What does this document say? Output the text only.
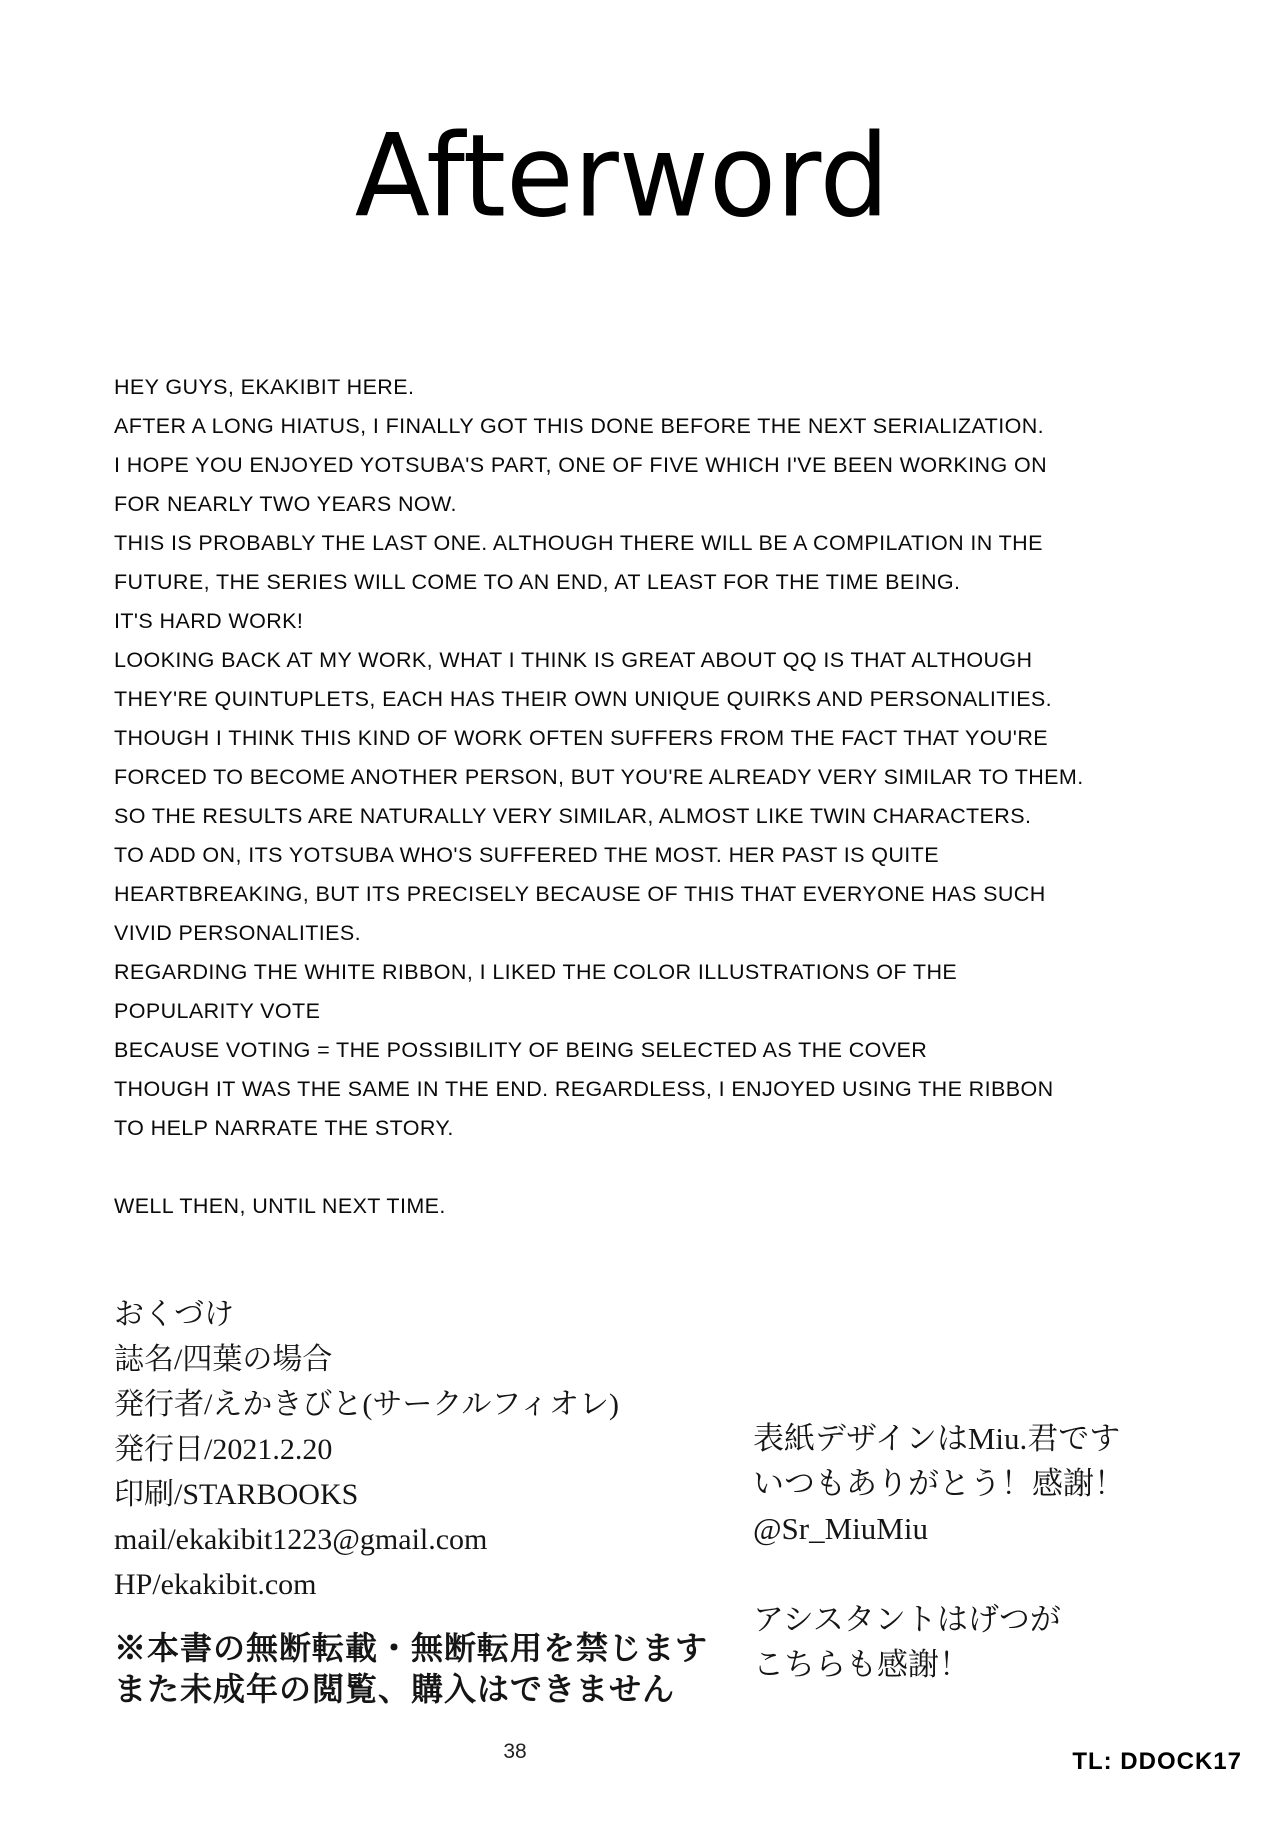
Afterword
HEY GUYS, EKAKIBIT HERE.
AFTER A LONG HIATUS, I FINALLY GOT THIS DONE BEFORE THE NEXT SERIALIZATION.
I HOPE YOU ENJOYED YOTSUBA'S PART, ONE OF FIVE WHICH I'VE BEEN WORKING ON
FOR NEARLY TWO YEARS NOW.
THIS IS PROBABLY THE LAST ONE. ALTHOUGH THERE WILL BE A COMPILATION IN THE
FUTURE, THE SERIES WILL COME TO AN END, AT LEAST FOR THE TIME BEING.
IT'S HARD WORK!
LOOKING BACK AT MY WORK, WHAT I THINK IS GREAT ABOUT QQ IS THAT ALTHOUGH
THEY'RE QUINTUPLETS, EACH HAS THEIR OWN UNIQUE QUIRKS AND PERSONALITIES.
THOUGH I THINK THIS KIND OF WORK OFTEN SUFFERS FROM THE FACT THAT YOU'RE
FORCED TO BECOME ANOTHER PERSON, BUT YOU'RE ALREADY VERY SIMILAR TO THEM.
SO THE RESULTS ARE NATURALLY VERY SIMILAR, ALMOST LIKE TWIN CHARACTERS.
TO ADD ON, ITS YOTSUBA WHO'S SUFFERED THE MOST. HER PAST IS QUITE
HEARTBREAKING, BUT ITS PRECISELY BECAUSE OF THIS THAT EVERYONE HAS SUCH
VIVID PERSONALITIES.
REGARDING THE WHITE RIBBON, I LIKED THE COLOR ILLUSTRATIONS OF THE
POPULARITY VOTE
BECAUSE VOTING = THE POSSIBILITY OF BEING SELECTED AS THE COVER
THOUGH IT WAS THE SAME IN THE END. REGARDLESS, I ENJOYED USING THE RIBBON
TO HELP NARRATE THE STORY.
WELL THEN, UNTIL NEXT TIME.
おくづけ
誌名/四葉の場合
発行者/えかきびと(サークルフィオレ)
発行日/2021.2.20
印刷/STARBOOKS
mail/ekakibit1223@gmail.com
HP/ekakibit.com
※本書の無断転載・無断転用を禁じます
また未成年の閲覧、購入はできません
表紙デザインはMiu.君です
いつもありがとう！感謝！
@Sr_MiuMiu
アシスタントはげつが
こちらも感謝！
38	TL: DDOCK17
